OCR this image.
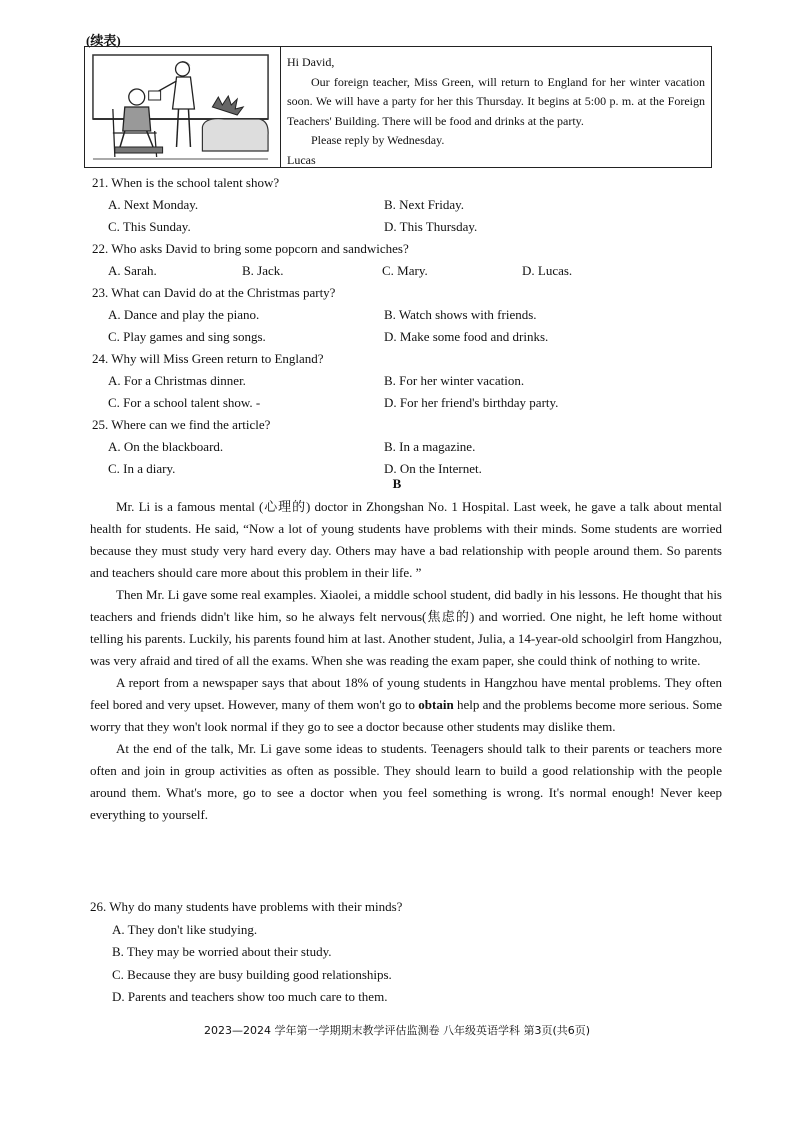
(续表)

Hi David,

Our foreign teacher, Miss Green, will return to England for her winter vacation soon. We will have a party for her this Thursday. It begins at 5:00 p. m. at the Foreign Teachers' Building. There will be food and drinks at the party.

Please reply by Wednesday.

Lucas

21. When is the school talent show?

A. Next Monday.	B. Next Friday.
C. This Sunday.	D. This Thursday.

22. Who asks David to bring some popcorn and sandwiches?

A. Sarah.	B. Jack.	C. Mary.	D. Lucas.

23. What can David do at the Christmas party?

A. Dance and play the piano.	B. Watch shows with friends.
C. Play games and sing songs.	D. Make some food and drinks.

24. Why will Miss Green return to England?

A. For a Christmas dinner.	B. For her winter vacation.
C. For a school talent show. -	D. For her friend's birthday party.

25. Where can we find the article?

A. On the blackboard.	B. In a magazine.
C. In a diary.	D. On the Internet.
B

Mr. Li is a famous mental (心理的) doctor in Zhongshan No. 1 Hospital. Last week, he gave a talk about mental health for students. He said, “Now a lot of young students have problems with their minds. Some students are worried because they must study very hard every day. Others may have a bad relationship with people around them. So parents and teachers should care more about this problem in their life. ”

Then Mr. Li gave some real examples. Xiaolei, a middle school student, did badly in his lessons. He thought that his teachers and friends didn't like him, so he always felt nervous(焦虑的) and worried. One night, he left home without telling his parents. Luckily, his parents found him at last. Another student, Julia, a 14-year-old schoolgirl from Hangzhou, was very afraid and tired of all the exams. When she was reading the exam paper, she could think of nothing to write.

A report from a newspaper says that about 18% of young students in Hangzhou have mental problems. They often feel bored and very upset. However, many of them won't go to obtain help and the problems become more serious. Some worry that they won't look normal if they go to see a doctor because other students may dislike them.

At the end of the talk, Mr. Li gave some ideas to students. Teenagers should talk to their parents or teachers more often and join in group activities as often as possible. They should learn to build a good relationship with the people around them. What's more, go to see a doctor when you feel something is wrong. It's normal enough! Never keep everything to yourself.

26. Why do many students have problems with their minds?
A. They don't like studying.
B. They may be worried about their study.
C. Because they are busy building good relationships.
D. Parents and teachers show too much care to them.
2023—2024 学年第一学期期末教学评估监测卷 八年级英语学科 第3页(共6页)
